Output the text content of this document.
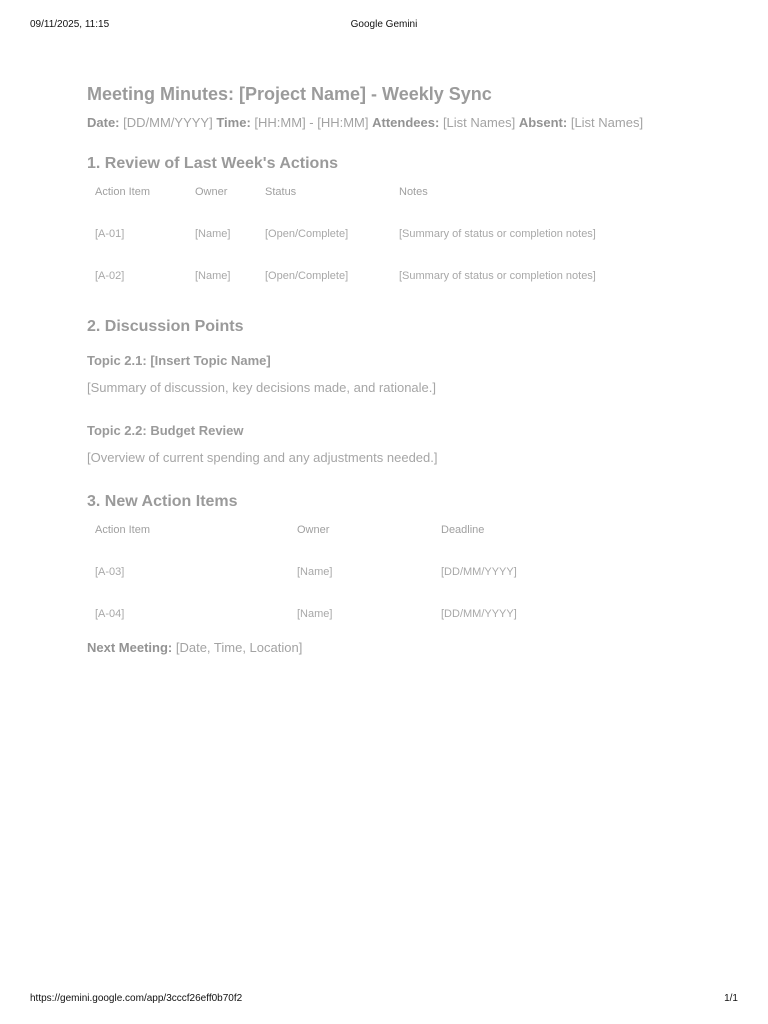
09/11/2025, 11:15	Google Gemini
Meeting Minutes: [Project Name] - Weekly Sync
Date: [DD/MM/YYYY] Time: [HH:MM] - [HH:MM] Attendees: [List Names] Absent: [List Names]
1. Review of Last Week's Actions
Action Item	Owner	Status	Notes
[A-01]	[Name]	[Open/Complete]	[Summary of status or completion notes]
[A-02]	[Name]	[Open/Complete]	[Summary of status or completion notes]
2. Discussion Points

Topic 2.1: [Insert Topic Name]

[Summary of discussion, key decisions made, and rationale.]

Topic 2.2: Budget Review

[Overview of current spending and any adjustments needed.]
3. New Action Items
Action Item	Owner	Deadline
[A-03]	[Name]	[DD/MM/YYYY]
[A-04]	[Name]	[DD/MM/YYYY]
Next Meeting: [Date, Time, Location]
https://gemini.google.com/app/3cccf26eff0b70f2	1/1
